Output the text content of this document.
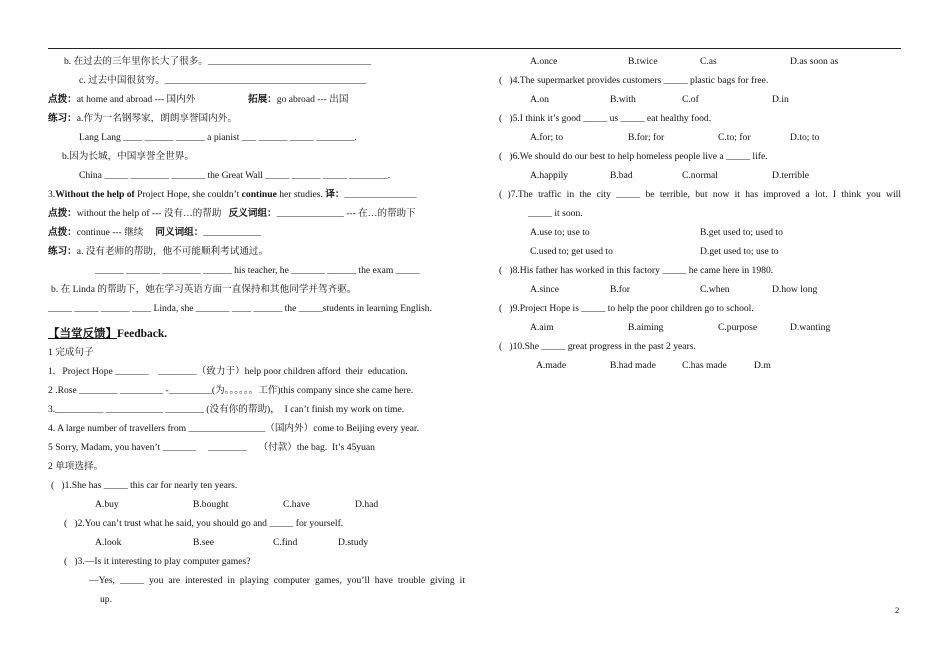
b. 在过去的三年里你长大了很多。__________________________________
c. 过去中国很贫穷。__________________________________________
点拨：at home and abroad --- 国内外	拓展：go abroad --- 出国
练习：a.作为一名钢琴家，朗朗享誉国内外。
Lang Lang ____ ______ ______ a pianist ___ ______ _____ ________.
b.因为长城，中国享誉全世界。
China _____ ________ _______ the Great Wall _____ ______ _____ ________.
3.Without the help of Project Hope, she couldn’t continue her studies. 译：_______________
点拨：without the help of --- 没有…的帮助   反义词组：______________ --- 在…的帮助下
点拨：continue --- 继续     同义词组：____________
练习：a. 没有老师的帮助，他不可能顺利考试通过。
______ _______ ________ ______ his teacher, he _______ ______ the exam _____
b. 在 Linda 的帮助下，她在学习英语方面一直保持和其他同学并驾齐驱。
_____ _____ ______ ____ Linda, she _______ ____ ______ the _____students in learning English.
【当堂反馈】Feedback.
1 完成句子
1.   Project Hope _______    ________（致力于）help poor children afford  their  education.
2 .Rose ________ _________ -_________(为。。。。。。工作)this company since she came here.
3.__________ ____________ ________ (没有你的帮助)，  I can’t finish my work on time.
4. A large number of travellers from ________________（国内外）come to Beijing every year.
5 Sorry, Madam, you haven’t _______     ________     （付款）the bag.  It’s 45yuan
2 单项选择。
(   )1.She has _____ this car for nearly ten years.
A.buy	B.bought	C.have	D.had
(   )2.You can’t trust what he said, you should go and _____ for yourself.
A.look	B.see	C.find	D.study
(   )3.—Is it interesting to play computer games?
—Yes, _____ you are interested in playing computer games, you’ll have trouble giving it
up.
A.once	B.twice	C.as	D.as soon as
(   )4.The supermarket provides customers _____ plastic bags for free.
A.on	B.with	C.of	D.in
(   )5.I think it’s good _____ us _____ eat healthy food.
A.for; to	B.for; for	C.to; for	D.to; to
(   )6.We should do our best to help homeless people live a _____ life.
A.happily	B.bad	C.normal	D.terrible
( )7.The traffic in the city _____ be terrible, but now it has improved a lot. I think you will
_____ it soon.
A.use to; use to	B.get used to; used to
C.used to; get used to	D.get used to; use to
(   )8.His father has worked in this factory _____ he came here in 1980.
A.since	B.for	C.when	D.how long
(   )9.Project Hope is _____ to help the poor children go to school.
A.aim	B.aiming	C.purpose	D.wanting
(   )10.She _____ great progress in the past 2 years.
A.made	B.had made	C.has made	D.m
2
